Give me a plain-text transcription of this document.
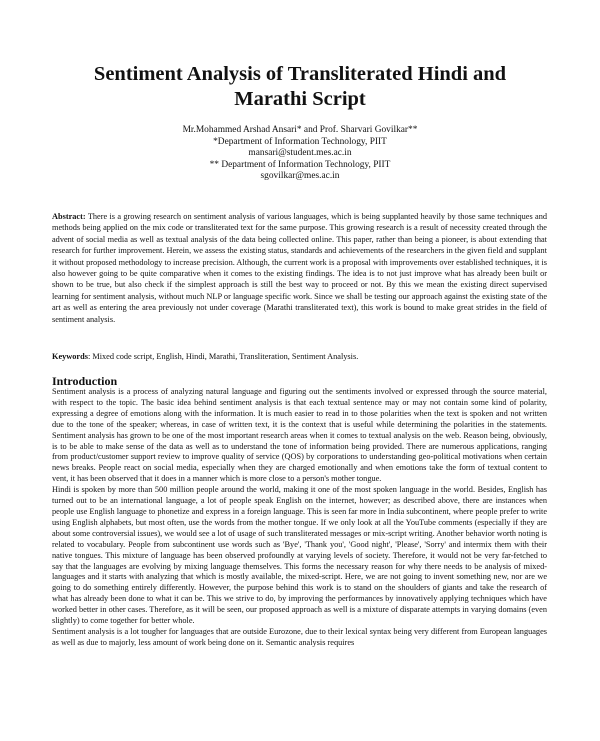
Sentiment Analysis of Transliterated Hindi and Marathi Script
Mr.Mohammed Arshad Ansari* and Prof. Sharvari Govilkar**
*Department of Information Technology, PIIT
mansari@student.mes.ac.in
** Department of Information Technology, PIIT
sgovilkar@mes.ac.in
Abstract: There is a growing research on sentiment analysis of various languages, which is being supplanted heavily by those same techniques and methods being applied on the mix code or transliterated text for the same purpose. This growing research is a result of necessity created through the advent of social media as well as textual analysis of the data being collected online. This paper, rather than being a pioneer, is about extending that research for further improvement. Herein, we assess the existing status, standards and achievements of the researchers in the given field and supplant it without proposed methodology to increase precision. Although, the current work is a proposal with improvements over established techniques, it is also however going to be quite comparative when it comes to the existing findings. The idea is to not just improve what has already been built or shown to be true, but also check if the simplest approach is still the best way to proceed or not. By this we mean the existing direct supervised learning for sentiment analysis, without much NLP or language specific work. Since we shall be testing our approach against the existing state of the art as well as entering the area previously not under coverage (Marathi transliterated text), this work is bound to make great strides in the field of sentiment analysis.
Keywords: Mixed code script, English, Hindi, Marathi, Transliteration, Sentiment Analysis.
Introduction

Sentiment analysis is a process of analyzing natural language and figuring out the sentiments involved or expressed through the source material, with respect to the topic. The basic idea behind sentiment analysis is that each textual sentence may or may not contain some kind of polarity, expressing a degree of emotions along with the information. It is much easier to read in to those polarities when the text is spoken and not written due to the tone of the speaker; whereas, in case of written text, it is the context that is useful while determining the polarities in the statements. Sentiment analysis has grown to be one of the most important research areas when it comes to textual analysis on the web. Reason being, obviously, is to be able to make sense of the data as well as to understand the tone of information being provided. There are numerous applications, ranging from product/customer support review to improve quality of service (QOS) by corporations to understanding geo-political motivations when certain news breaks. People react on social media, especially when they are charged emotionally and when emotions take the form of textual content to vent, it has been observed that it does in a manner which is more close to a person's mother tongue.

Hindi is spoken by more than 500 million people around the world, making it one of the most spoken language in the world. Besides, English has turned out to be an international language, a lot of people speak English on the internet, however; as described above, there are instances when people use English language to phonetize and express in a foreign language. This is seen far more in India subcontinent, where people prefer to write using English alphabets, but most often, use the words from the mother tongue. If we only look at all the YouTube comments (especially if they are about some controversial issues), we would see a lot of usage of such transliterated messages or mix-script writing. Another behavior worth noting is related to vocabulary. People from subcontinent use words such as 'Bye', 'Thank you', 'Good night', 'Please', 'Sorry' and intermix them with their native tongues. This mixture of language has been observed profoundly at varying levels of society. Therefore, it would not be very far-fetched to say that the languages are evolving by mixing language themselves. This forms the necessary reason for why there needs to be analysis of mixed-languages and it starts with analyzing that which is mostly available, the mixed-script. Here, we are not going to invent something new, nor are we going to do something entirely differently. However, the purpose behind this work is to stand on the shoulders of giants and take the research of what has already been done to what it can be. This we strive to do, by improving the performances by innovatively applying techniques which have worked better in other cases. Therefore, as it will be seen, our proposed approach as well is a mixture of disparate attempts in varying domains (even slightly) to come together for better whole.

Sentiment analysis is a lot tougher for languages that are outside Eurozone, due to their lexical syntax being very different from European languages as well as due to majorly, less amount of work being done on it. Semantic analysis requires
